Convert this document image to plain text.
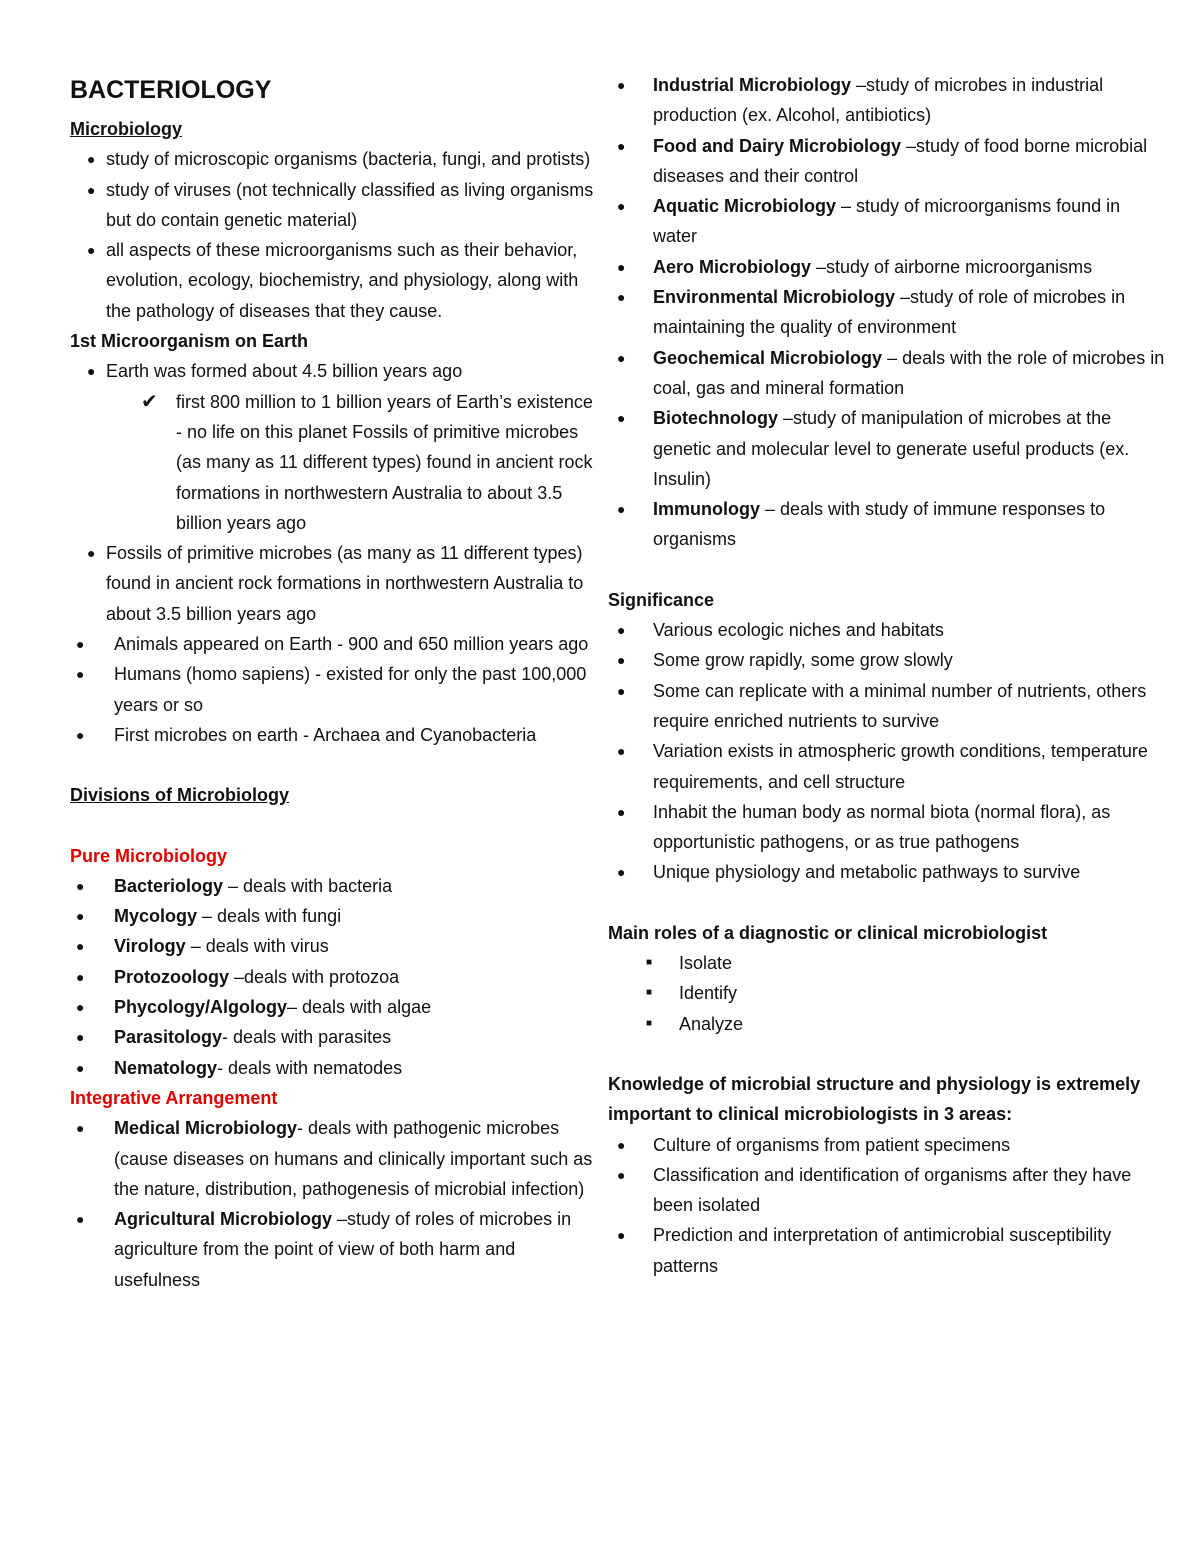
BACTERIOLOGY
Microbiology
● study of microscopic organisms (bacteria, fungi, and protists)
● study of viruses (not technically classified as living organisms but do contain genetic material)
● all aspects of these microorganisms such as their behavior, evolution, ecology, biochemistry, and physiology, along with the pathology of diseases that they cause.
1st Microorganism on Earth
● Earth was formed about 4.5 billion years ago
✔ first 800 million to 1 billion years of Earth’s existence - no life on this planet Fossils of primitive microbes (as many as 11 different types) found in ancient rock formations in northwestern Australia to about 3.5 billion years ago
● Fossils of primitive microbes (as many as 11 different types) found in ancient rock formations in northwestern Australia to about 3.5 billion years ago
● Animals appeared on Earth - 900 and 650 million years ago
● Humans (homo sapiens) - existed for only the past 100,000 years or so
● First microbes on earth - Archaea and Cyanobacteria
Divisions of Microbiology
Pure Microbiology
● Bacteriology – deals with bacteria
● Mycology – deals with fungi
● Virology – deals with virus
● Protozoology –deals with protozoa
● Phycology/Algology– deals with algae
● Parasitology- deals with parasites
● Nematology- deals with nematodes
Integrative Arrangement
● Medical Microbiology- deals with pathogenic microbes (cause diseases on humans and clinically important such as the nature, distribution, pathogenesis of microbial infection)
● Agricultural Microbiology –study of roles of microbes in agriculture from the point of view of both harm and usefulness
● Industrial Microbiology –study of microbes in industrial production (ex. Alcohol, antibiotics)
● Food and Dairy Microbiology –study of food borne microbial diseases and their control
● Aquatic Microbiology – study of microorganisms found in water
● Aero Microbiology –study of airborne microorganisms
● Environmental Microbiology –study of role of microbes in maintaining the quality of environment
● Geochemical Microbiology – deals with the role of microbes in coal, gas and mineral formation
● Biotechnology –study of manipulation of microbes at the genetic and molecular level to generate useful products (ex. Insulin)
● Immunology – deals with study of immune responses to organisms
Significance
● Various ecologic niches and habitats
● Some grow rapidly, some grow slowly
● Some can replicate with a minimal number of nutrients, others require enriched nutrients to survive
● Variation exists in atmospheric growth conditions, temperature requirements, and cell structure
● Inhabit the human body as normal biota (normal flora), as opportunistic pathogens, or as true pathogens
● Unique physiology and metabolic pathways to survive
Main roles of a diagnostic or clinical microbiologist
■ Isolate
■ Identify
■ Analyze
Knowledge of microbial structure and physiology is extremely important to clinical microbiologists in 3 areas:
● Culture of organisms from patient specimens
● Classification and identification of organisms after they have been isolated
● Prediction and interpretation of antimicrobial susceptibility patterns
